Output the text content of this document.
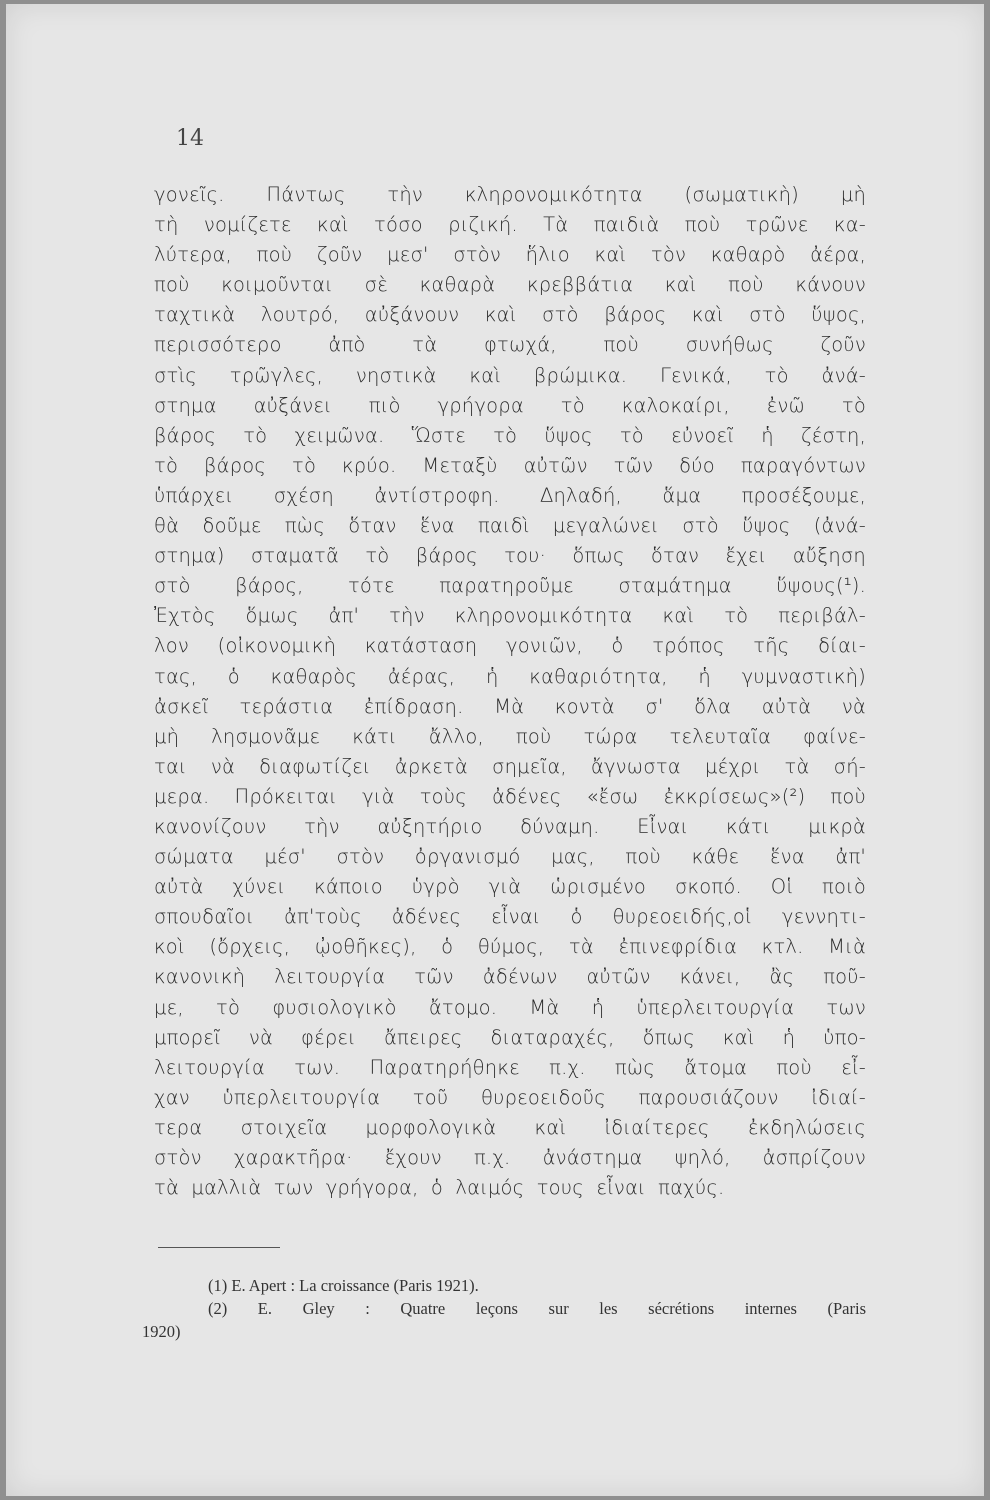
14
γονεῖς. Πάντως τὴν κληρονομικότητα (σωματικὴ) μὴ
τὴ νομίζετε καὶ τόσο ριζική. Τὰ παιδιὰ ποὺ τρῶνε κα-
λύτερα, ποὺ ζοῦν μεσ' στὸν ἥλιο καὶ τὸν καθαρὸ ἀέρα,
ποὺ κοιμοῦνται σὲ καθαρὰ κρεββάτια καὶ ποὺ κάνουν
ταχτικὰ λουτρό, αὐξάνουν καὶ στὸ βάρος καὶ στὸ ὕψος,
περισσότερο ἀπὸ τὰ φτωχά, ποὺ συνήθως ζοῦν
στὶς τρῶγλες, νηστικὰ καὶ βρώμικα. Γενικά, τὸ ἀνά-
στημα αὐξάνει πιὸ γρήγορα τὸ καλοκαίρι, ἐνῶ τὸ
βάρος τὸ χειμῶνα. Ὥστε τὸ ὕψος τὸ εὐνοεῖ ἡ ζέστη,
τὸ βάρος τὸ κρύο. Μεταξὺ αὐτῶν τῶν δύο παραγόντων
ὑπάρχει σχέση ἀντίστροφη. Δηλαδή, ἅμα προσέξουμε,
θὰ δοῦμε πὼς ὅταν ἕνα παιδὶ μεγαλώνει στὸ ὕψος (ἀνά-
στημα) σταματᾶ τὸ βάρος του· ὅπως ὅταν ἔχει αὔξηση
στὸ βάρος, τότε παρατηροῦμε σταμάτημα ὕψους(¹).
Ἐχτὸς ὅμως ἀπ' τὴν κληρονομικότητα καὶ τὸ περιβάλ-
λον (οἰκονομικὴ κατάσταση γονιῶν, ὁ τρόπος τῆς δίαι-
τας, ὁ καθαρὸς ἀέρας, ἡ καθαριότητα, ἡ γυμναστικὴ)
ἀσκεῖ τεράστια ἐπίδραση. Μὰ κοντὰ σ' ὅλα αὐτὰ νὰ
μὴ λησμονᾶμε κάτι ἄλλο, ποὺ τώρα τελευταῖα φαίνε-
ται νὰ διαφωτίζει ἀρκετὰ σημεῖα, ἄγνωστα μέχρι τὰ σή-
μερα. Πρόκειται γιὰ τοὺς ἀδένες «ἔσω ἐκκρίσεως»(²) ποὺ
κανονίζουν τὴν αὐξητήριο δύναμη. Εἶναι κάτι μικρὰ
σώματα μέσ' στὸν ὀργανισμό μας, ποὺ κάθε ἕνα ἀπ'
αὐτὰ χύνει κάποιο ὑγρὸ γιὰ ὡρισμένο σκοπό. Οἱ ποιὸ
σπουδαῖοι ἀπ'τοὺς ἀδένες εἶναι ὁ θυρεοειδής,οἱ γεννητι-
κοὶ (ὄρχεις, ᾠοθῆκες), ὁ θύμος, τὰ ἐπινεφρίδια κτλ. Μιὰ
κανονικὴ λειτουργία τῶν ἀδένων αὐτῶν κάνει, ἂς ποῦ-
με, τὸ φυσιολογικὸ ἄτομο. Μὰ ἡ ὑπερλειτουργία των
μπορεῖ νὰ φέρει ἄπειρες διαταραχές, ὅπως καὶ ἡ ὑπο-
λειτουργία των. Παρατηρήθηκε π.χ. πὼς ἄτομα ποὺ εἶ-
χαν ὑπερλειτουργία τοῦ θυρεοειδοῦς παρουσιάζουν ἰδιαί-
τερα στοιχεῖα μορφολογικὰ καὶ ἰδιαίτερες ἐκδηλώσεις
στὸν χαρακτῆρα· ἔχουν π.χ. ἀνάστημα ψηλό, ἀσπρίζουν
τὰ μαλλιὰ των γρήγορα, ὁ λαιμός τους εἶναι παχύς.
(1) E. Apert : La croissance (Paris 1921).
(2) E. Gley : Quatre leçons sur les sécrétions internes (Paris
1920)
